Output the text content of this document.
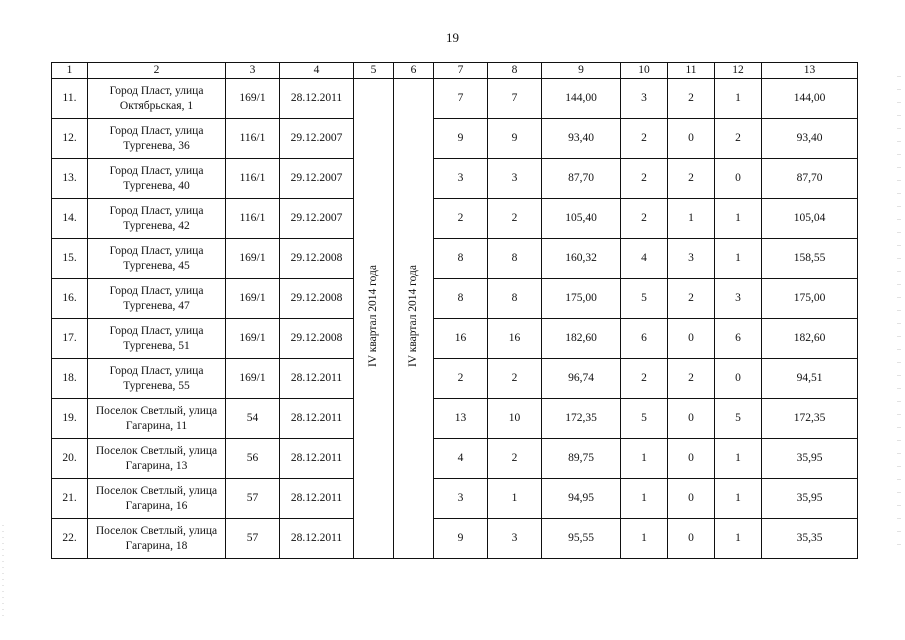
19
1	2	3	4	5	6	7	8	9	10	11	12	13
11.	Город Пласт, улица
Октябрьская, 1	169/1	28.12.2011	IV квартал 2014 года	IV квартал 2014 года	7	7	144,00	3	2	1	144,00
12.	Город Пласт, улица
Тургенева, 36	116/1	29.12.2007			9	9	93,40	2	0	2	93,40
13.	Город Пласт, улица
Тургенева, 40	116/1	29.12.2007			3	3	87,70	2	2	0	87,70
14.	Город Пласт, улица
Тургенева, 42	116/1	29.12.2007			2	2	105,40	2	1	1	105,04
15.	Город Пласт, улица
Тургенева, 45	169/1	29.12.2008			8	8	160,32	4	3	1	158,55
16.	Город Пласт, улица
Тургенева, 47	169/1	29.12.2008			8	8	175,00	5	2	3	175,00
17.	Город Пласт, улица
Тургенева, 51	169/1	29.12.2008			16	16	182,60	6	0	6	182,60
18.	Город Пласт, улица
Тургенева, 55	169/1	28.12.2011			2	2	96,74	2	2	0	94,51
19.	Поселок Светлый, улица
Гагарина, 11	54	28.12.2011			13	10	172,35	5	0	5	172,35
20.	Поселок Светлый, улица
Гагарина, 13	56	28.12.2011			4	2	89,75	1	0	1	35,95
21.	Поселок Светлый, улица
Гагарина, 16	57	28.12.2011			3	1	94,95	1	0	1	35,95
22.	Поселок Светлый, улица
Гагарина, 18	57	28.12.2011			9	3	95,55	1	0	1	35,35
